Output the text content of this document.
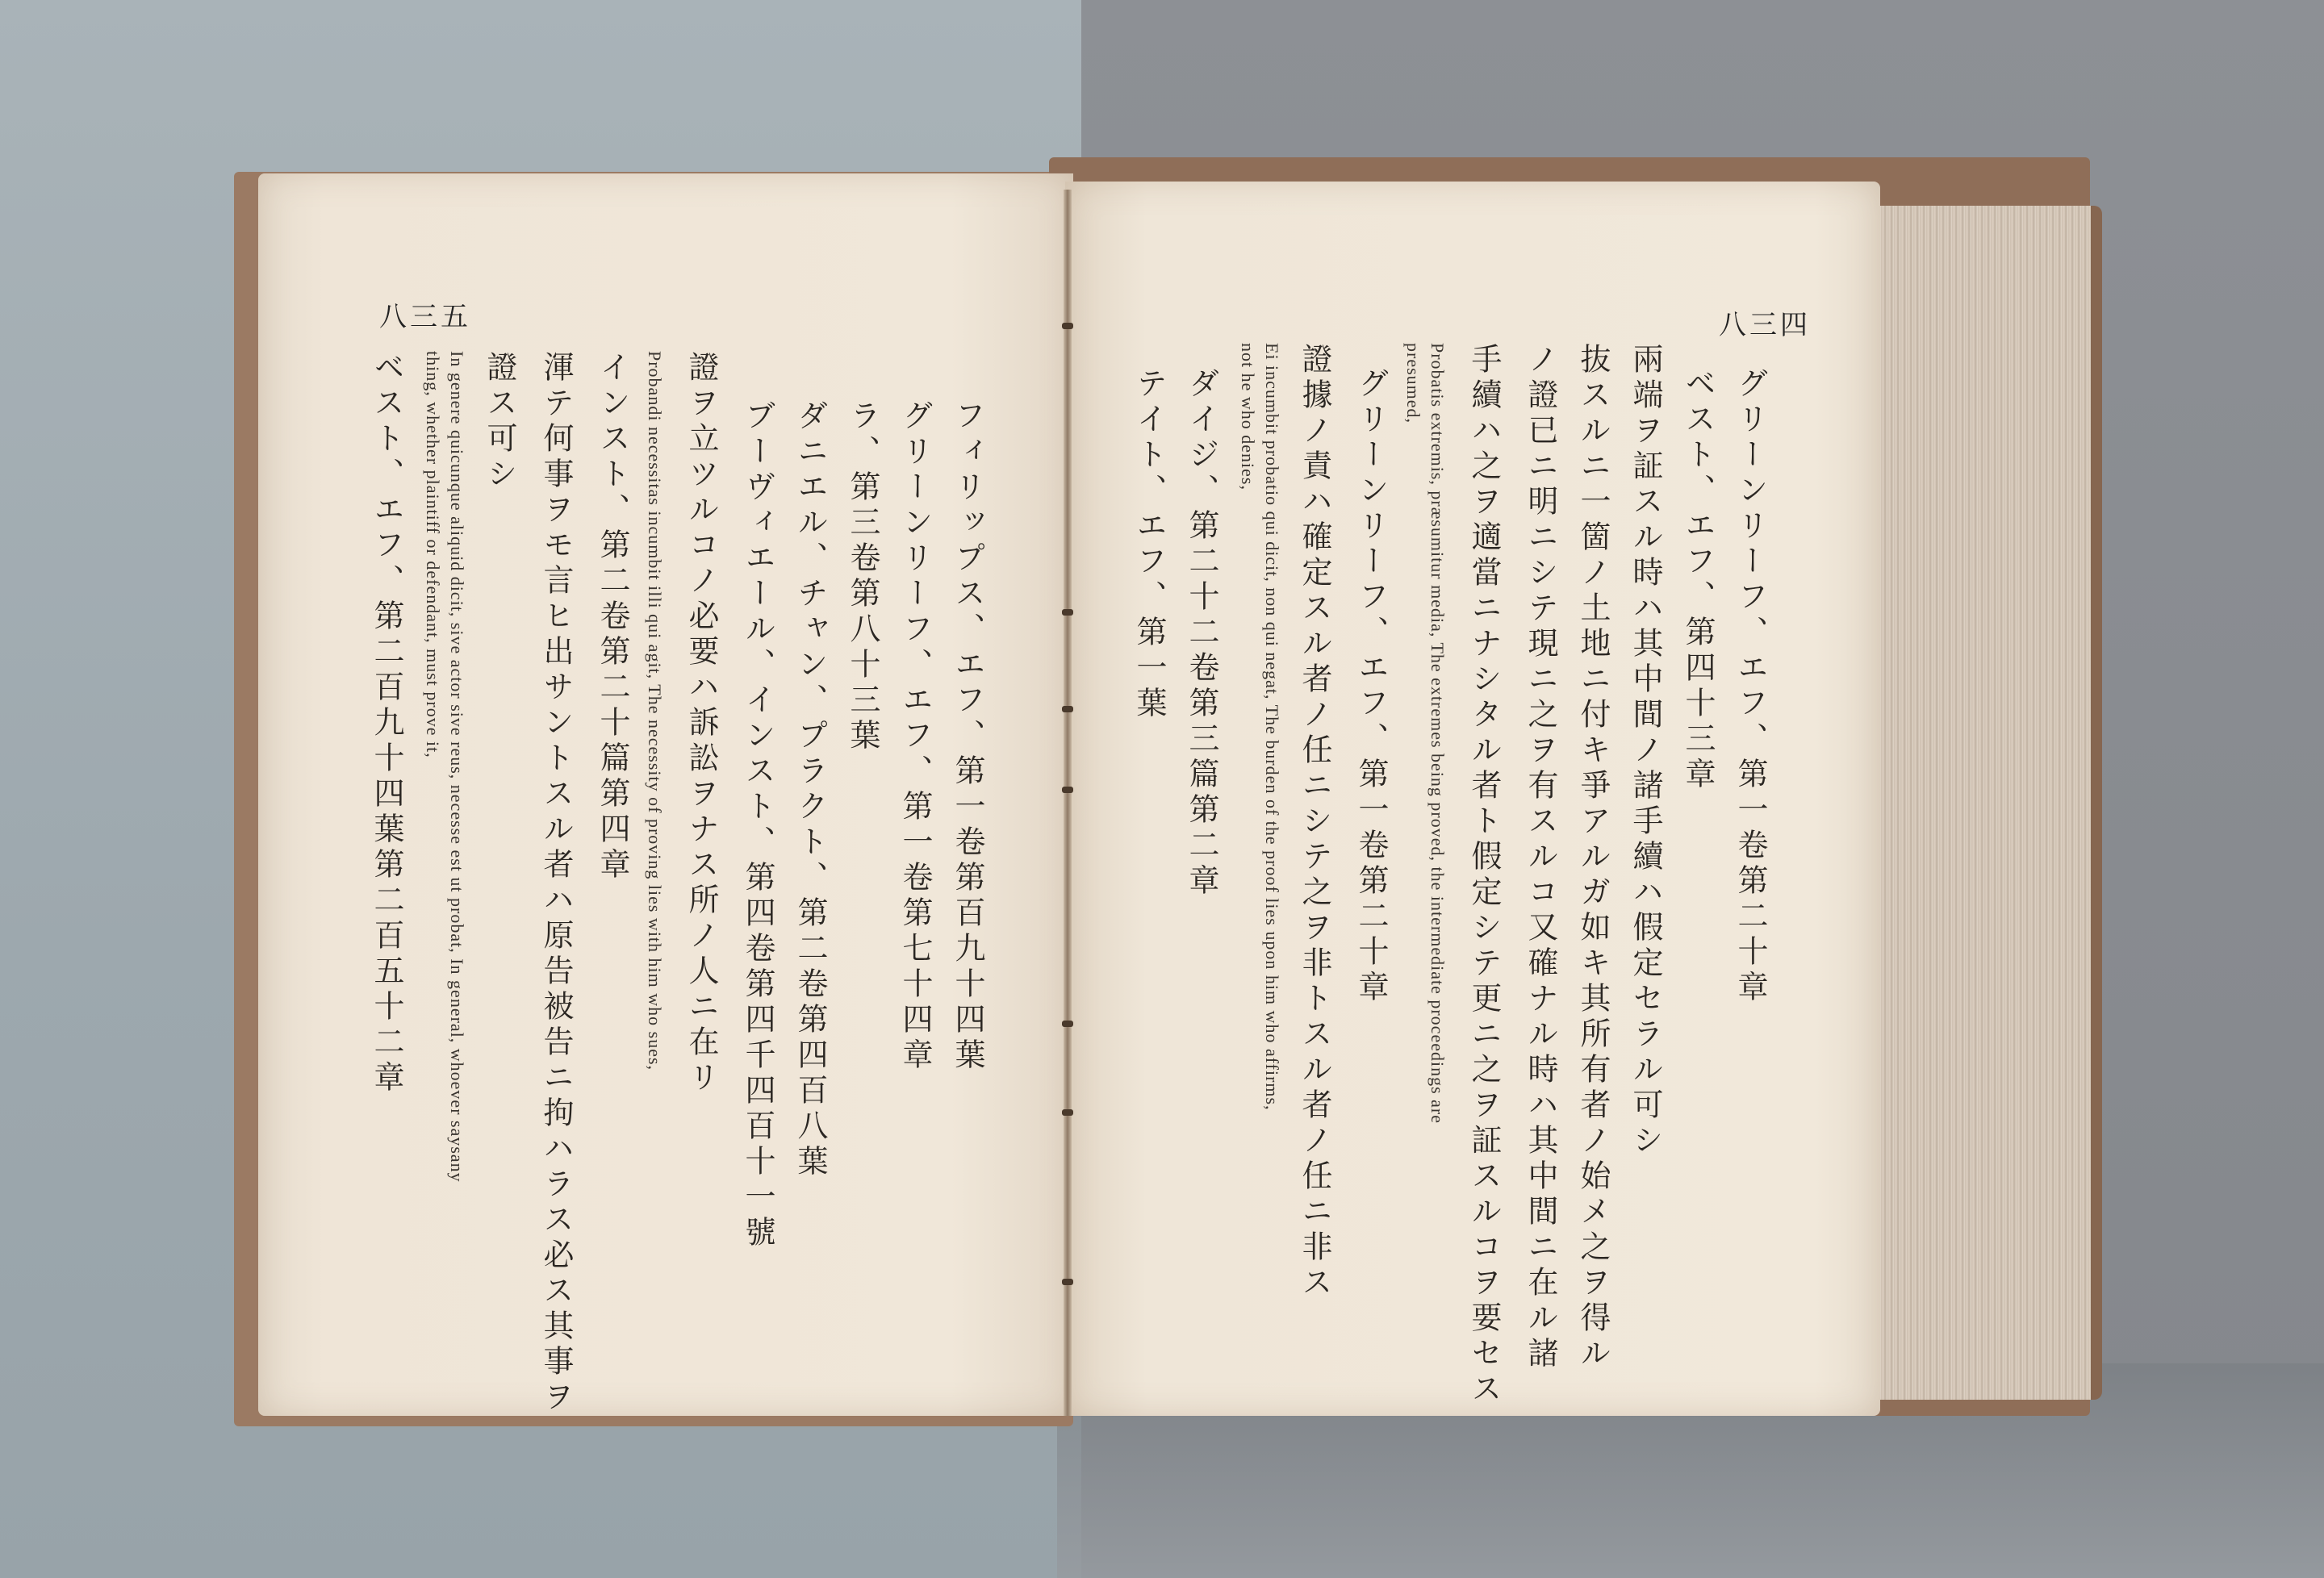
八三五
フィリップス、エフ、第一卷第百九十四葉
グリーンリーフ、エフ、第一卷第七十四章
ラ、第三卷第八十三葉
ダニエル、チャン、プラクト、第二卷第四百八葉
ブーヴィエール、インスト、第四卷第四千四百十一號
證ヲ立ツルコノ必要ハ訴訟ヲナス所ノ人ニ在リ
Probandi necessitas incumbit illi qui agit, The necessity of proving lies with him who sues,
インスト、第二卷第二十篇第四章
渾テ何事ヲモ言ヒ出サントスル者ハ原告被告ニ拘ハラス必ス其事ヲ
證ス可シ
In genere quicunque aliquid dicit, sive actor sive reus, necesse est ut probat, In general, whoever saysany
thing, whether plaintiff or defendant, must prove it,
ベスト、エフ、第二百九十四葉第二百五十二章
八三四
グリーンリーフ、エフ、第一卷第二十章
ベスト、エフ、第四十三章
兩端ヲ証スル時ハ其中間ノ諸手續ハ假定セラル可シ
抜スルニ一箇ノ土地ニ付キ爭アルガ如キ其所有者ノ始メ之ヲ得ル
ノ證已ニ明ニシテ現ニ之ヲ有スルコ又確ナル時ハ其中間ニ在ル諸
手續ハ之ヲ適當ニナシタル者ト假定シテ更ニ之ヲ証スルコヲ要セス
Probatis extremis, præsumitur media, The extremes being proved, the intermediate proceedings are
presumed,
グリーンリーフ、エフ、第一卷第二十章
證據ノ責ハ確定スル者ノ任ニシテ之ヲ非トスル者ノ任ニ非ス
Ei incumbit probatio qui dicit, non qui negat, The burden of the proof lies upon him who affirms,
not he who denies,
ダイジ、第二十二卷第三篇第二章
テイト、エフ、第一葉
